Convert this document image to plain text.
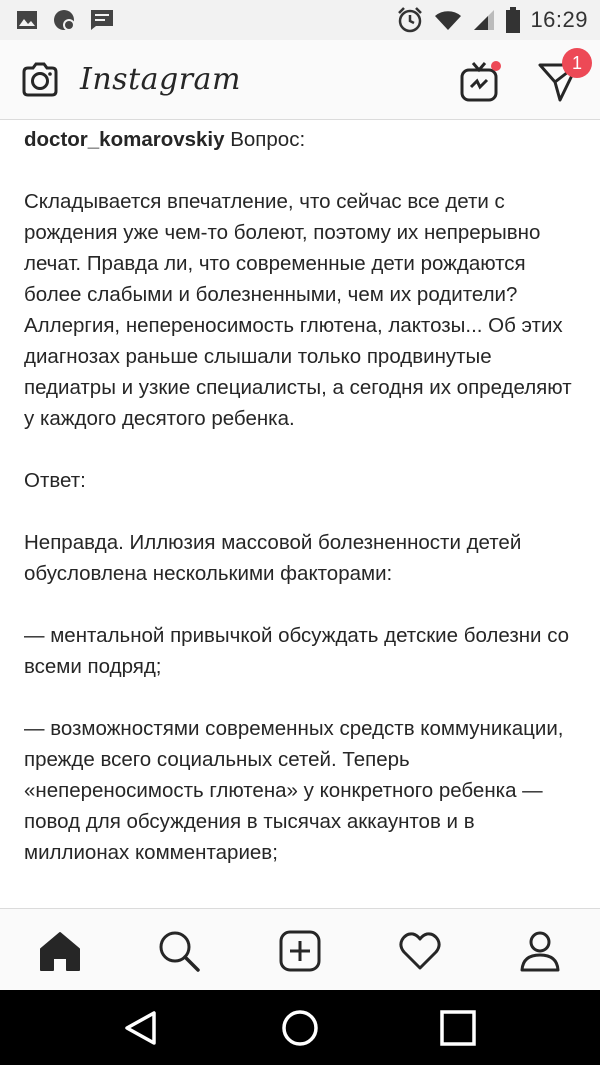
16:29
Instagram	1
doctor_komarovskiy Вопрос:

Складывается впечатление, что сейчас все дети с рождения уже чем-то болеют, поэтому их непрерывно лечат. Правда ли, что современные дети рождаются более слабыми и болезненными, чем их родители? Аллергия, непереносимость глютена, лактозы... Об этих диагнозах раньше слышали только продвинутые педиатры и узкие специалисты, а сегодня их определяют у каждого десятого ребенка.

Ответ:

Неправда. Иллюзия массовой болезненности детей обусловлена несколькими факторами:

— ментальной привычкой обсуждать детские болезни со всеми подряд;

— возможностями современных средств коммуникации, прежде всего социальных сетей. Теперь «непереносимость глютена» у конкретного ребенка — повод для обсуждения в тысячах аккаунтов и в миллионах комментариев;
